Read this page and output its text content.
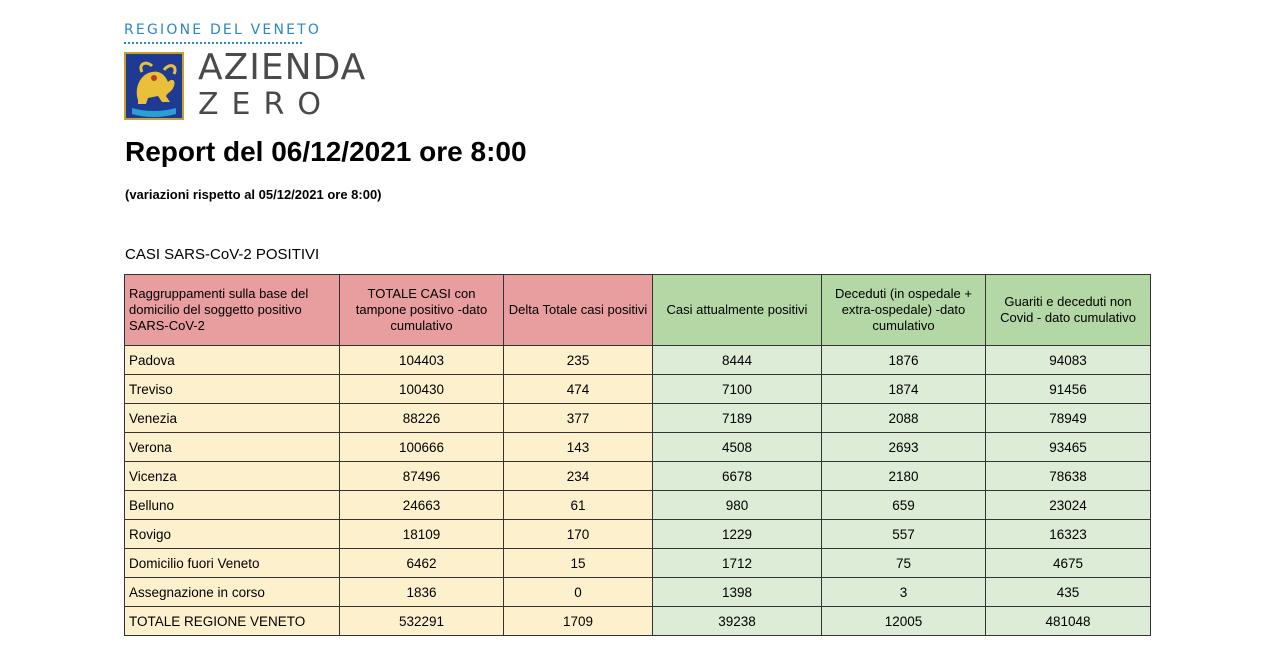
REGIONE DEL VENETO
AZIENDA
ZERO
Report del 06/12/2021 ore 8:00
(variazioni rispetto al 05/12/2021 ore 8:00)
CASI SARS-CoV-2 POSITIVI
Raggruppamenti sulla base del domicilio del soggetto positivo SARS-CoV-2	TOTALE CASI con tampone positivo -dato cumulativo	Delta Totale casi positivi	Casi attualmente positivi	Deceduti (in ospedale + extra-ospedale) -dato cumulativo	Guariti e deceduti non Covid - dato cumulativo
Padova	104403	235	8444	1876	94083
Treviso	100430	474	7100	1874	91456
Venezia	88226	377	7189	2088	78949
Verona	100666	143	4508	2693	93465
Vicenza	87496	234	6678	2180	78638
Belluno	24663	61	980	659	23024
Rovigo	18109	170	1229	557	16323
Domicilio fuori Veneto	6462	15	1712	75	4675
Assegnazione in corso	1836	0	1398	3	435
TOTALE REGIONE VENETO	532291	1709	39238	12005	481048
